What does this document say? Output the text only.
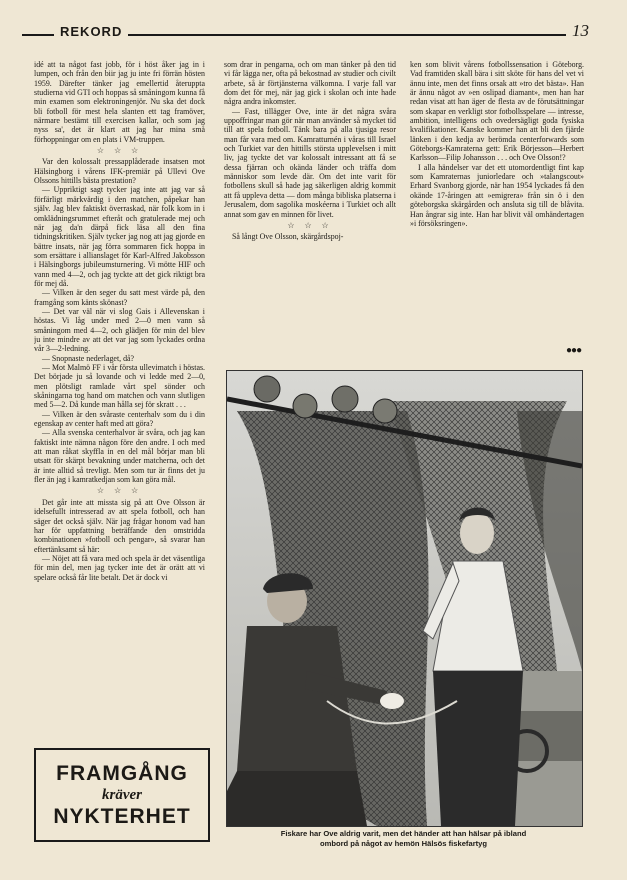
REKORD	13

idé att ta något fast jobb, för i höst åker jag in i lumpen, och från den biir jag ju inte fri förrän hösten 1959. Därefter tänker jag emellertid återuppta studierna vid GTI och hoppas så småningom kunna få min examen som elektroningenjör. Nu ska det dock bli fotboll för mest hela slanten ett tag framöver, närmare bestämt till exercisen kallar, och som jag nyss sa', det är klart att jag har mina små förhoppningar om en plats i VM-truppen.

☆ ☆ ☆

Var den kolossalt pressapplåderade insatsen mot Hälsingborg i vårens IFK-premiär på Ullevi Ove Olssons hittills bästa prestation?

— Uppriktigt sagt tycker jag inte att jag var så förfärligt märkvärdig i den matchen, påpekar han själv. Jag blev faktiskt överraskad, när folk kom in i omklädningsrummet efteråt och gratulerade mej och när jag da'n därpå fick läsa all den fina tidningskritiken. Själv tycker jag nog att jag gjorde en bättre insats, när jag förra sommaren fick hoppa in som ersättare i allianslaget för Karl-Alfred Jakobsson i Hälsingborgs jubileumsturnering. Vi mötte HIF och vann med 4—2, och jag tyckte att det gick riktigt bra för mej då.

— Vilken är den seger du satt mest värde på, den framgång som känts skönast?

— Det var väl när vi slog Gais i Allevenskan i höstas. Vi låg under med 2—0 men vann så småningom med 4—2, och glädjen för min del blev ju inte mindre av att det var jag som lyckades ordna vår 3—2-ledning.

— Snopnaste nederlaget, då?

— Mot Malmö FF i vår första ullevimatch i höstas. Det började ju så lovande och vi ledde med 2—0, men plötsligt ramlade vårt spel sönder och skåningarna tog hand om matchen och vann slutligen med 5—2. Då kunde man hålla sej för skratt . . .

— Vilken är den svåraste centerhalv som du i din egenskap av center haft med att göra?

— Alla svenska centerhalvor är svåra, och jag kan faktiskt inte nämna någon före den andre. I och med att man råkat skyffla in en del mål börjar man bli utsatt för skärpt bevakning under matcherna, och det är inte alltid så trevligt. Men som tur är finns det ju fler än jag i kamratkedjan som kan göra mål.

☆ ☆ ☆

Det går inte att missta sig på att Ove Olsson är idelsefullt intresserad av att spela fotboll, och han säger det också själv. När jag frågar honom vad han har för uppfattning beträffande den omstridda kombinationen »fotboll och pengar», så svarar han eftertänksamt så här:

— Nöjet att få vara med och spela är det väsentliga för min del, men jag tycker inte det är orätt att vi spelare också får lite betalt. Det är dock vi

som drar in pengarna, och om man tänker på den tid vi får lägga ner, ofta på bekostnad av studier och civilt arbete, så är förtjänsterna välkomna. I varje fall var dom det för mej, när jag gick i skolan och inte hade några andra inkomster.

— Fast, tillägger Ove, inte är det några svåra uppoffringar man gör när man använder så mycket tid till att spela fotboll. Tänk bara på alla tjusiga resor man får vara med om. Kamratturnén i våras till Israel och Turkiet var den hittills största upplevelsen i mitt liv, jag tyckte det var kolossalt intressant att få se dessa fjärran och okända länder och träffa dom människor som levde där. Om det inte varit för fotbollens skull så hade jag säkerligen aldrig kommit att få uppleva detta — dom många bibliska platserna i Jerusalem, dom sagolika moskéerna i Turkiet och allt annat som gav en minnen för livet.

☆ ☆ ☆

Så långt Ove Olsson, skärgårdspoj-

ken som blivit vårens fotbollssensation i Göteborg. Vad framtiden skall bära i sitt sköte för hans del vet vi ännu inte, men det finns orsak att »tro det bästa». Han är ännu något av »en oslipad diamant», men han har redan visat att han äger de flesta av de förutsättningar som skapar en verkligt stor fotbollsspelare — intresse, ambition, intelligens och ovedersägligt goda fysiska kvalifikationer. Kanske kommer han att bli den fjärde länken i den kedja av berömda centerforwards som Göteborgs-Kamraterna gett: Erik Börjesson—Herbert Karlsson—Filip Johansson . . . och Ove Olsson!?

I alla händelser var det ett utomordentligt fint kap som Kamraternas juniorledare och »talangscout» Erhard Svanborg gjorde, när han 1954 lyckades få den okände 17-åringen att »emigrera» från sin ö i den göteborgska skärgården och ansluta sig till de blåvita. Han ångrar sig inte. Han har blivit väl omhändertagen »i försöksringen».

●●●
Fiskare har Ove aldrig varit, men det händer att han hälsar på ibland
ombord på något av hemön Hälsös fiskefartyg
FRAMGÅNG
kräver
NYKTERHET
